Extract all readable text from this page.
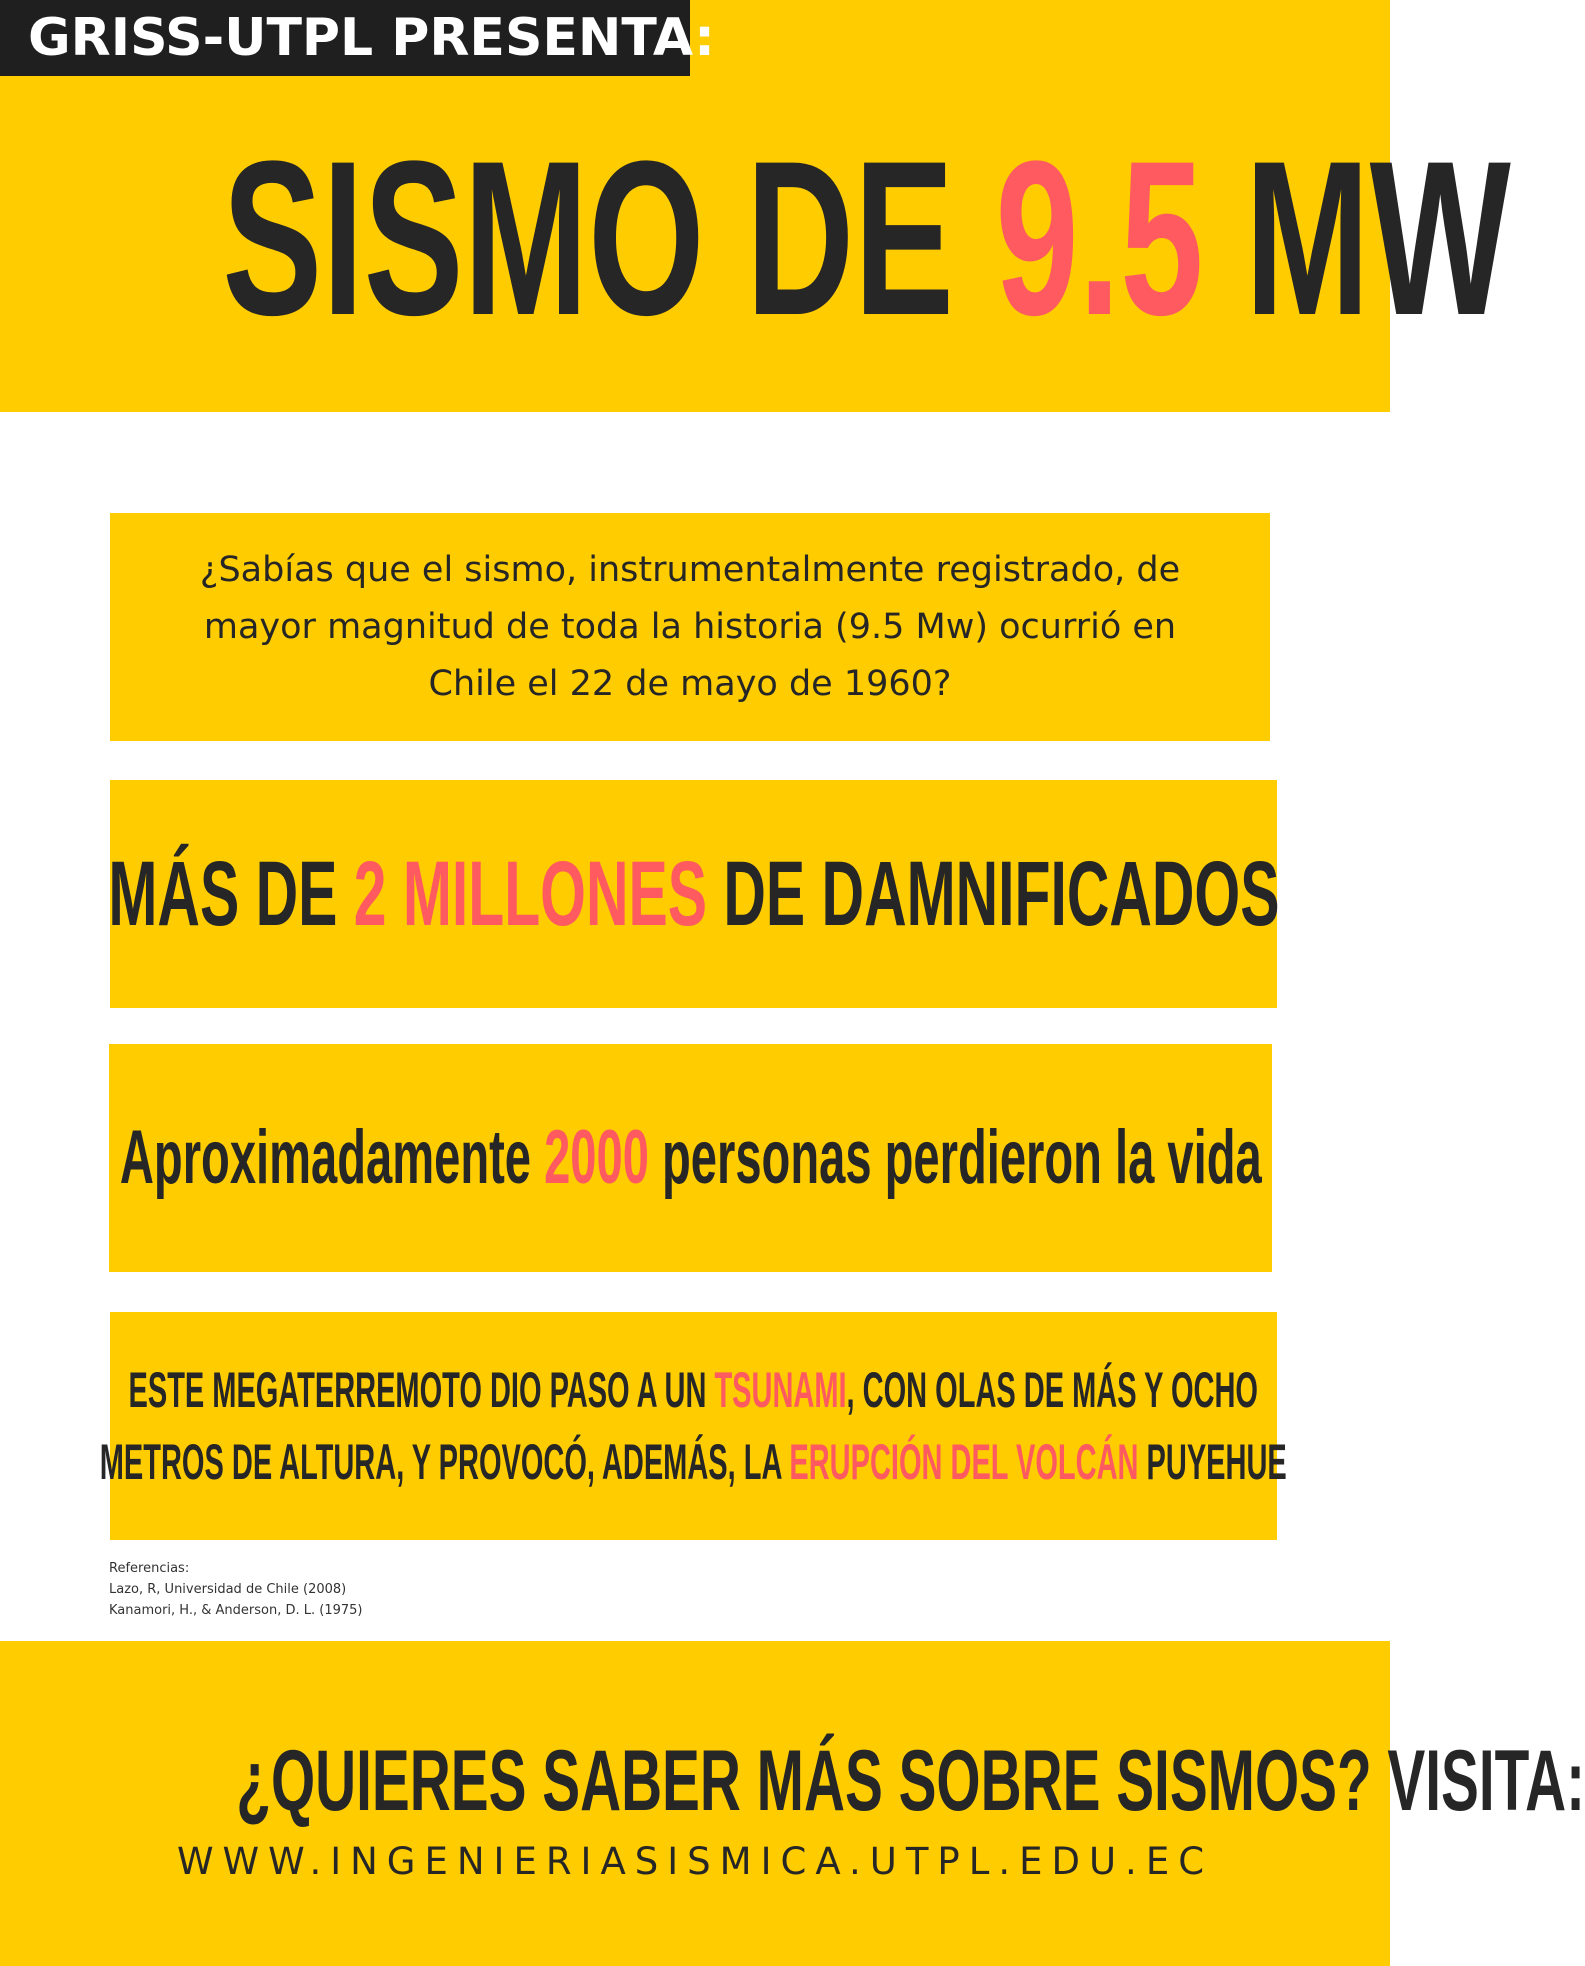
GRISS-UTPL PRESENTA:
SISMO DE 9.5 MW
¿Sabías que el sismo, instrumentalmente registrado, de mayor magnitud de toda la historia (9.5 Mw) ocurrió en Chile el 22 de mayo de 1960?
MÁS DE 2 MILLONES DE DAMNIFICADOS
Aproximadamente 2000 personas perdieron la vida
ESTE MEGATERREMOTO DIO PASO A UN TSUNAMI, CON OLAS DE MÁS Y OCHO
METROS DE ALTURA, Y PROVOCÓ, ADEMÁS, LA ERUPCIÓN DEL VOLCÁN PUYEHUE
Referencias:
Lazo, R, Universidad de Chile (2008)
Kanamori, H., & Anderson, D. L. (1975)
¿QUIERES SABER MÁS SOBRE SISMOS? VISITA:
WWW.INGENIERIASISMICA.UTPL.EDU.EC
